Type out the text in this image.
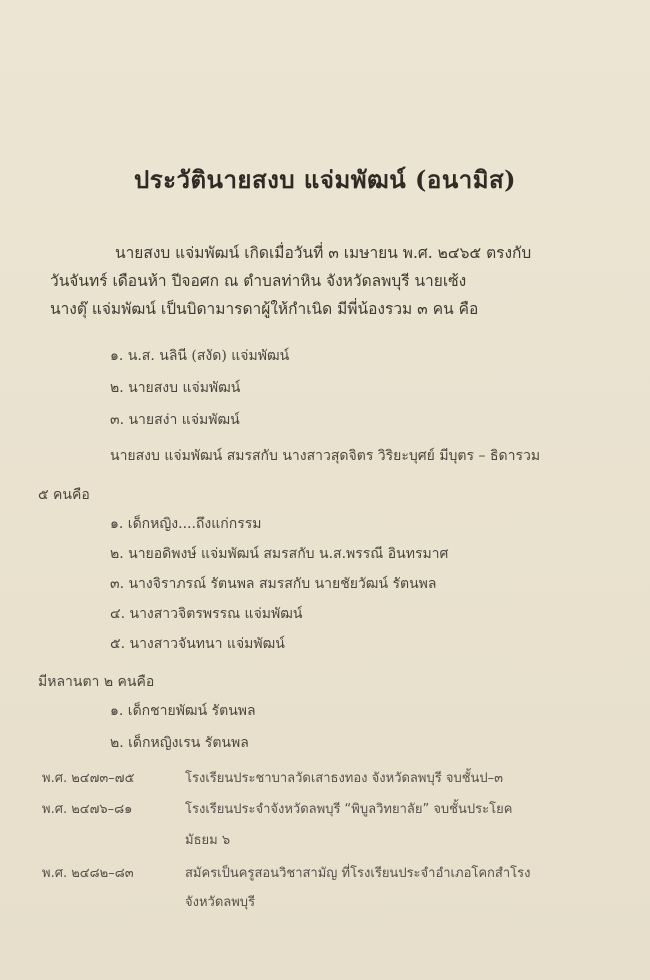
ประวัตินายสงบ แจ่มพัฒน์ (อนามิส)
นายสงบ แจ่มพัฒน์ เกิดเมื่อวันที่ ๓ เมษายน พ.ศ. ๒๔๖๕ ตรงกับ
วันจันทร์ เดือนห้า ปีจอศก ณ ตำบลท่าหิน จังหวัดลพบุรี นายเซ้ง
นางตุ๊ แจ่มพัฒน์ เป็นบิดามารดาผู้ให้กำเนิด มีพี่น้องรวม ๓ คน คือ
๑. น.ส. นลินี (สงัด) แจ่มพัฒน์
๒. นายสงบ แจ่มพัฒน์
๓. นายสง่า แจ่มพัฒน์
นายสงบ แจ่มพัฒน์ สมรสกับ นางสาวสุดจิตร วิริยะบุศย์ มีบุตร – ธิดารวม
๕ คนคือ
๑. เด็กหญิง....ถึงแก่กรรม
๒. นายอดิพงษ์ แจ่มพัฒน์ สมรสกับ น.ส.พรรณี อินทรมาศ
๓. นางจิราภรณ์ รัตนพล สมรสกับ นายชัยวัฒน์ รัตนพล
๔. นางสาวจิตรพรรณ แจ่มพัฒน์
๕. นางสาวจันทนา แจ่มพัฒน์
มีหลานตา ๒ คนคือ
๑. เด็กชายพัฒน์ รัตนพล
๒. เด็กหญิงเรน รัตนพล
พ.ศ. ๒๔๗๓–๗๕	โรงเรียนประชาบาลวัดเสาธงทอง จังหวัดลพบุรี จบชั้นป–๓
พ.ศ. ๒๔๗๖–๘๑	โรงเรียนประจำจังหวัดลพบุรี “พิบูลวิทยาลัย” จบชั้นประโยค
มัธยม ๖
พ.ศ. ๒๔๘๒–๘๓	สมัครเป็นครูสอนวิชาสามัญ ที่โรงเรียนประจำอำเภอโคกสำโรง
จังหวัดลพบุรี
